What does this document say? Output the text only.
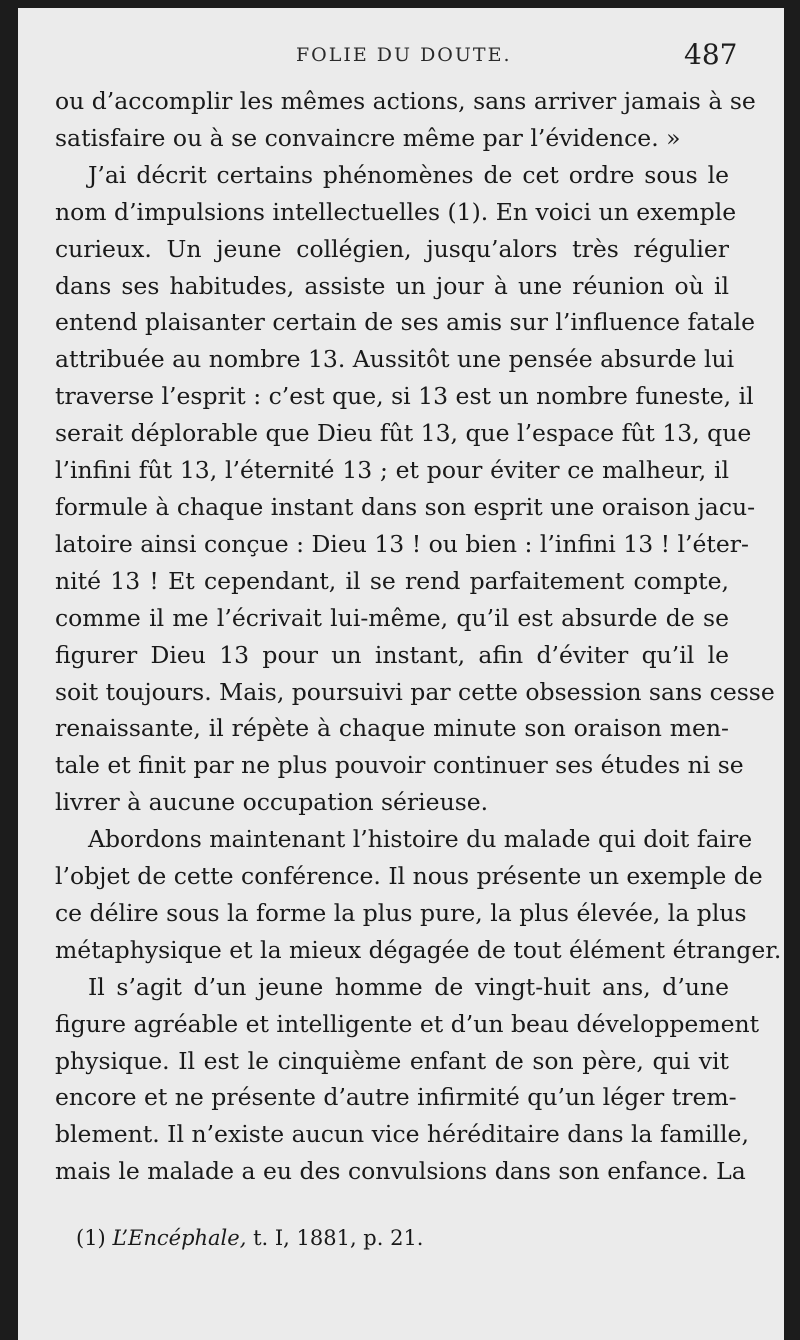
FOLIE DU DOUTE.	487
ou d’accomplir les mêmes actions, sans arriver jamais à se
satisfaire ou à se convaincre même par l’évidence. »
J’ai décrit certains phénomènes de cet ordre sous le
nom d’impulsions intellectuelles (1). En voici un exemple
curieux. Un jeune collégien, jusqu’alors très régulier
dans ses habitudes, assiste un jour à une réunion où il
entend plaisanter certain de ses amis sur l’influence fatale
attribuée au nombre 13. Aussitôt une pensée absurde lui
traverse l’esprit : c’est que, si 13 est un nombre funeste, il
serait déplorable que Dieu fût 13, que l’espace fût 13, que
l’infini fût 13, l’éternité 13 ; et pour éviter ce malheur, il
formule à chaque instant dans son esprit une oraison jacu-
latoire ainsi conçue : Dieu 13 ! ou bien : l’infini 13 ! l’éter-
nité 13 ! Et cependant, il se rend parfaitement compte,
comme il me l’écrivait lui-même, qu’il est absurde de se
figurer Dieu 13 pour un instant, afin d’éviter qu’il le
soit toujours. Mais, poursuivi par cette obsession sans cesse
renaissante, il répète à chaque minute son oraison men-
tale et finit par ne plus pouvoir continuer ses études ni se
livrer à aucune occupation sérieuse.
Abordons maintenant l’histoire du malade qui doit faire
l’objet de cette conférence. Il nous présente un exemple de
ce délire sous la forme la plus pure, la plus élevée, la plus
métaphysique et la mieux dégagée de tout élément étranger.
Il s’agit d’un jeune homme de vingt-huit ans, d’une
figure agréable et intelligente et d’un beau développement
physique. Il est le cinquième enfant de son père, qui vit
encore et ne présente d’autre infirmité qu’un léger trem-
blement. Il n’existe aucun vice héréditaire dans la famille,
mais le malade a eu des convulsions dans son enfance. La
(1) L’Encéphale, t. I, 1881, p. 21.
